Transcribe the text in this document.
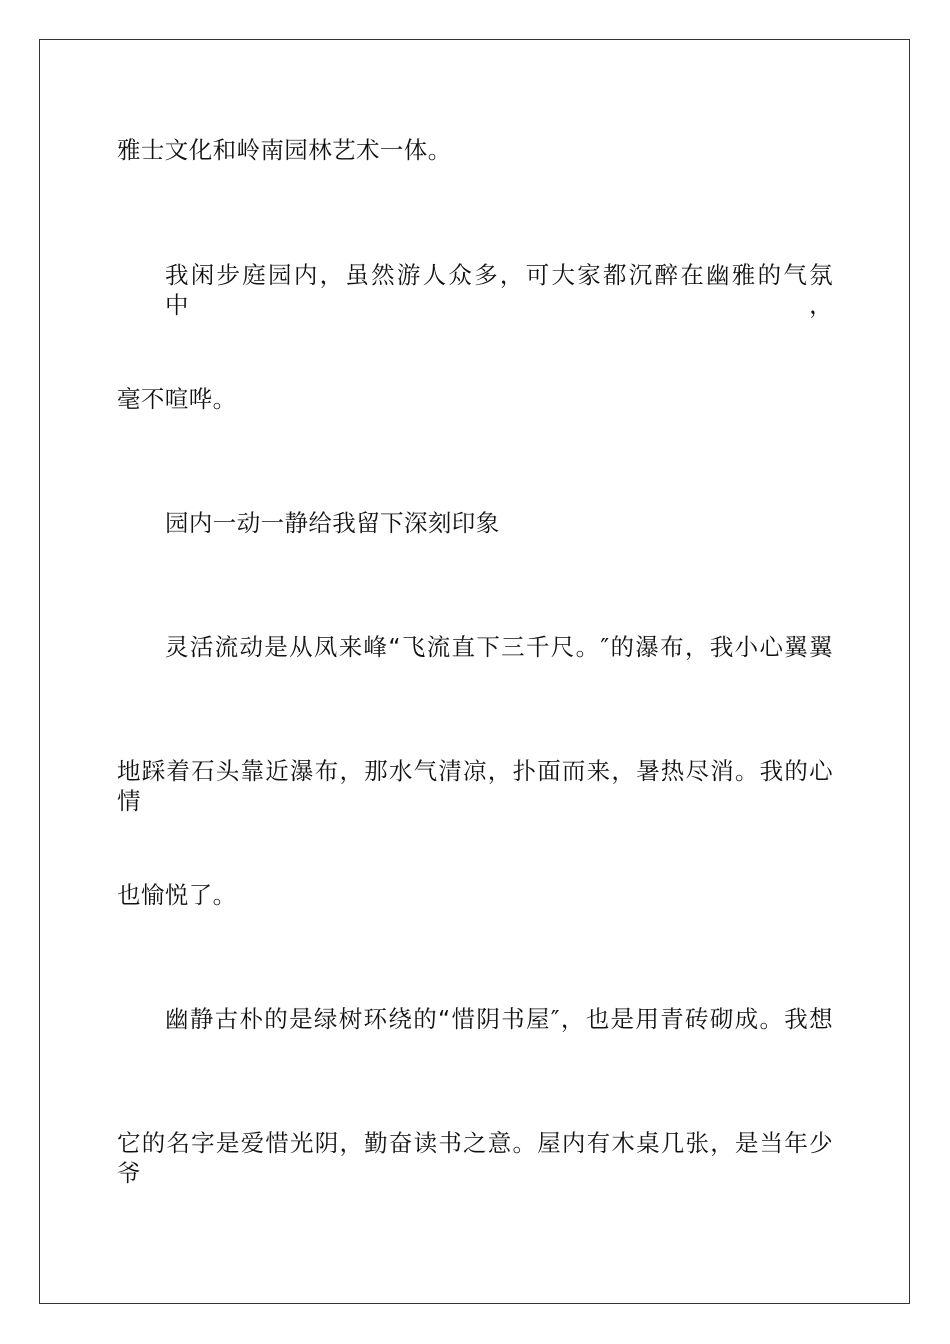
雅士文化和岭南园林艺术一体。

我闲步庭园内，虽然游人众多，可大家都沉醉在幽雅的气氛中，

毫不喧哗。

园内一动一静给我留下深刻印象

灵活流动是从凤来峰“飞流直下三千尺。″的瀑布，我小心翼翼

地踩着石头靠近瀑布，那水气清凉，扑面而来，暑热尽消。我的心情

也愉悦了。

幽静古朴的是绿树环绕的“惜阴书屋″，也是用青砖砌成。我想

它的名字是爱惜光阴，勤奋读书之意。屋内有木桌几张，是当年少爷
